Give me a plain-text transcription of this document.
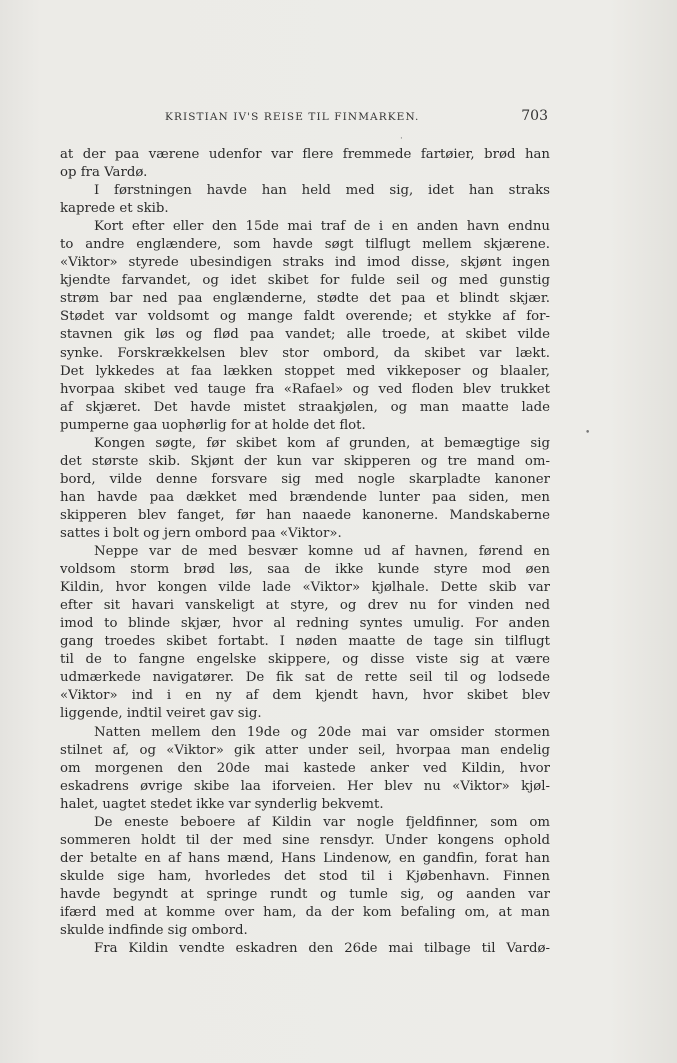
KRISTIAN IV'S REISE TIL FINMARKEN.	703
at der paa værene udenfor var flere fremmede fartøier, brød han
op fra Vardø.
I førstningen havde han held med sig, idet han straks
kaprede et skib.
Kort efter eller den 15de mai traf de i en anden havn endnu
to andre englændere, som havde søgt tilflugt mellem skjærene.
«Viktor» styrede ubesindigen straks ind imod disse, skjønt ingen
kjendte farvandet, og idet skibet for fulde seil og med gunstig
strøm bar ned paa englænderne, stødte det paa et blindt skjær.
Stødet var voldsomt og mange faldt overende; et stykke af for-
stavnen gik løs og flød paa vandet; alle troede, at skibet vilde
synke. Forskrækkelsen blev stor ombord, da skibet var lækt.
Det lykkedes at faa lækken stoppet med vikkeposer og blaaler,
hvorpaa skibet ved tauge fra «Rafael» og ved floden blev trukket
af skjæret. Det havde mistet straakjølen, og man maatte lade
pumperne gaa uophørlig for at holde det flot.
Kongen søgte, før skibet kom af grunden, at bemægtige sig
det største skib. Skjønt der kun var skipperen og tre mand om-
bord, vilde denne forsvare sig med nogle skarpladte kanoner
han havde paa dækket med brændende lunter paa siden, men
skipperen blev fanget, før han naaede kanonerne. Mandskaberne
sattes i bolt og jern ombord paa «Viktor».
Neppe var de med besvær komne ud af havnen, førend en
voldsom storm brød løs, saa de ikke kunde styre mod øen
Kildin, hvor kongen vilde lade «Viktor» kjølhale. Dette skib var
efter sit havari vanskeligt at styre, og drev nu for vinden ned
imod to blinde skjær, hvor al redning syntes umulig. For anden
gang troedes skibet fortabt. I nøden maatte de tage sin tilflugt
til de to fangne engelske skippere, og disse viste sig at være
udmærkede navigatører. De fik sat de rette seil til og lodsede
«Viktor» ind i en ny af dem kjendt havn, hvor skibet blev
liggende, indtil veiret gav sig.
Natten mellem den 19de og 20de mai var omsider stormen
stilnet af, og «Viktor» gik atter under seil, hvorpaa man endelig
om morgenen den 20de mai kastede anker ved Kildin, hvor
eskadrens øvrige skibe laa iforveien. Her blev nu «Viktor» kjøl-
halet, uagtet stedet ikke var synderlig bekvemt.
De eneste beboere af Kildin var nogle fjeldfinner, som om
sommeren holdt til der med sine rensdyr. Under kongens ophold
der betalte en af hans mænd, Hans Lindenow, en gandfin, forat han
skulde sige ham, hvorledes det stod til i Kjøbenhavn. Finnen
havde begyndt at springe rundt og tumle sig, og aanden var
ifærd med at komme over ham, da der kom befaling om, at man
skulde indfinde sig ombord.
Fra Kildin vendte eskadren den 26de mai tilbage til Vardø-
·
•
